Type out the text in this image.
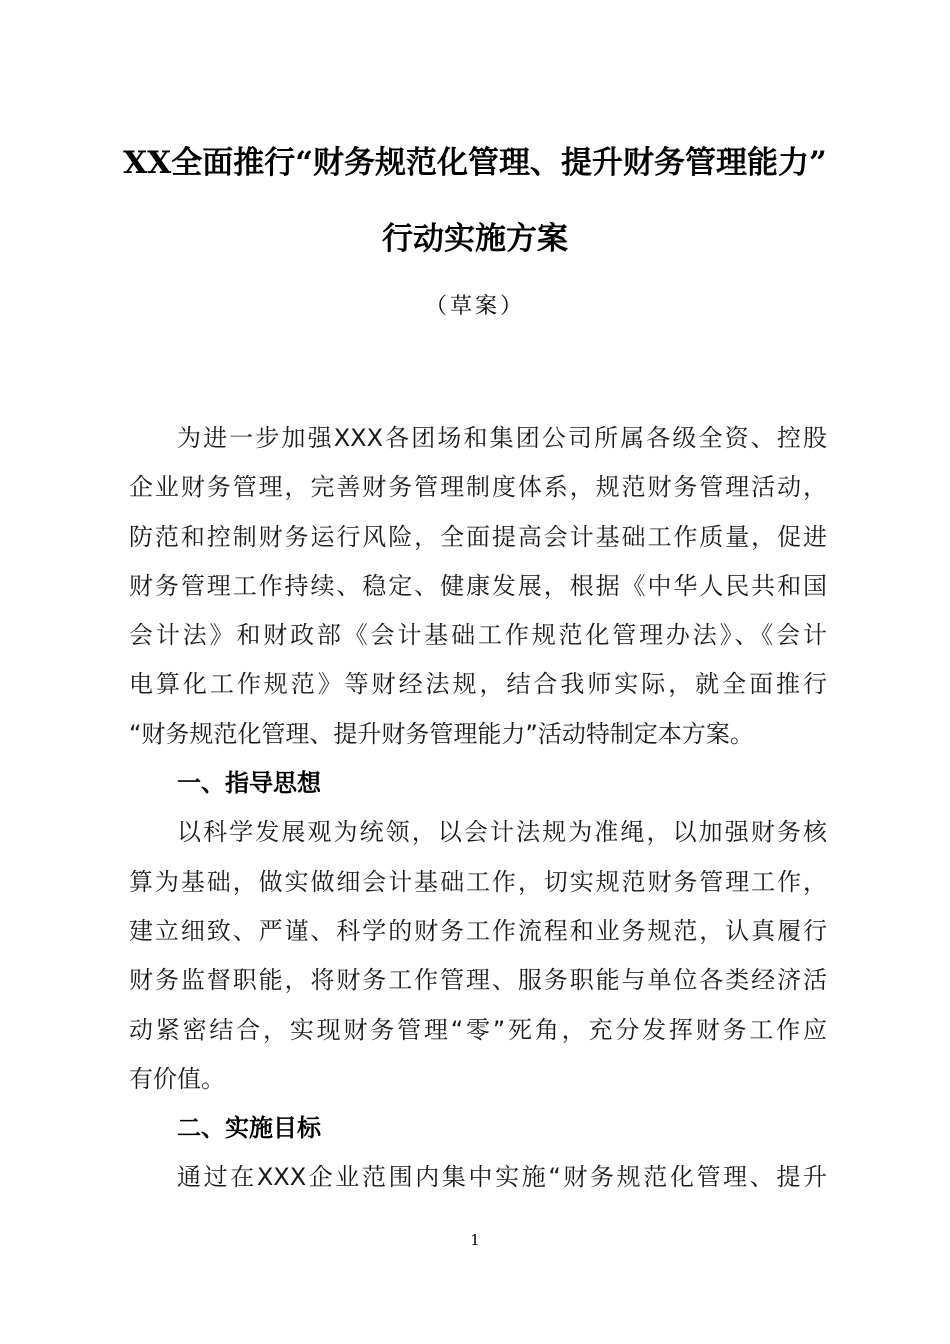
XX全面推行“财务规范化管理、提升财务管理能力”
行动实施方案
（草案）
为进一步加强XXX各团场和集团公司所属各级全资、控股
企业财务管理，完善财务管理制度体系，规范财务管理活动，
防范和控制财务运行风险，全面提高会计基础工作质量，促进
财务管理工作持续、稳定、健康发展，根据《中华人民共和国
会计法》和财政部《会计基础工作规范化管理办法》、《会计
电算化工作规范》等财经法规，结合我师实际，就全面推行
“财务规范化管理、提升财务管理能力”活动特制定本方案。
一、指导思想
以科学发展观为统领，以会计法规为准绳，以加强财务核
算为基础，做实做细会计基础工作，切实规范财务管理工作，
建立细致、严谨、科学的财务工作流程和业务规范，认真履行
财务监督职能，将财务工作管理、服务职能与单位各类经济活
动紧密结合，实现财务管理“零”死角，充分发挥财务工作应
有价值。
二、实施目标
通过在XXX企业范围内集中实施“财务规范化管理、提升
1
